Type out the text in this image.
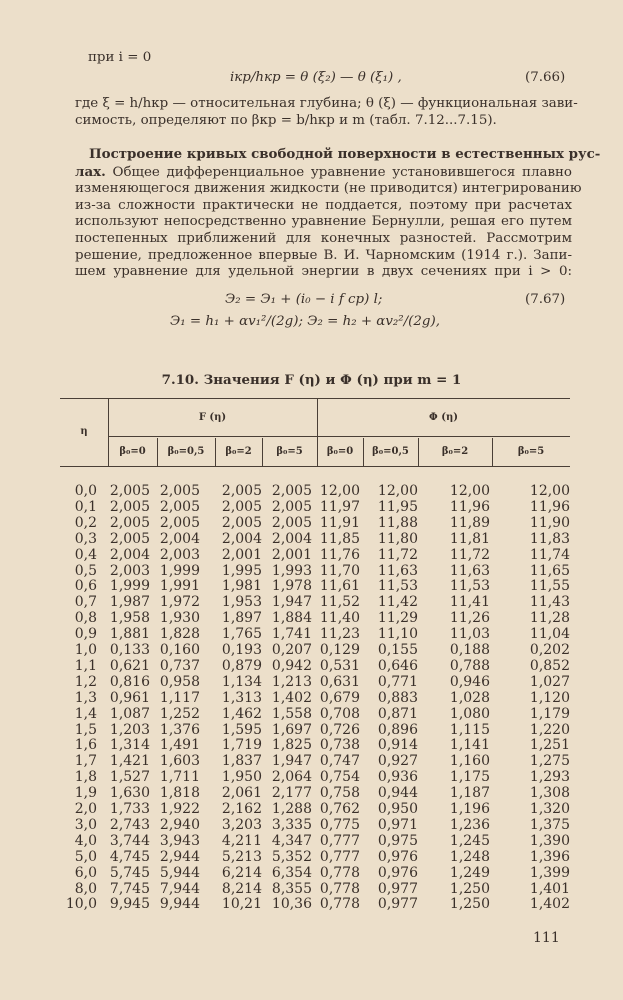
при i = 0
iкр/hкр = θ (ξ₂) — θ (ξ₁) ,	(7.66)
где ξ = h/hкр — относительная глубина; θ (ξ) — функциональная зави-
симость, определяют по βкр = b/hкр и m (табл. 7.12...7.15).
Построение кривых свободной поверхности в естественных рус-
лах. Общее дифференциальное уравнение установившегося плавно
изменяющегося движения жидкости (не приводится) интегрированию
из-за сложности практически не поддается, поэтому при расчетах
используют непосредственно уравнение Бернулли, решая его путем
постепенных приближений для конечных разностей. Рассмотрим
решение, предложенное впервые В. И. Чарномским (1914 г.). Запи-
шем уравнение для удельной энергии в двух сечениях при i > 0:
Э₂ = Э₁ + (i₀ − i f cp) l;	(7.67)
Э₁ = h₁ + αv₁²/(2g); Э₂ = h₂ + αv₂²/(2g),
7.10. Значения F (η) и Φ (η) при m = 1
η
F (η)	Φ (η)
β₀=0	β₀=0,5	β₀=2	β₀=5	β₀=0	β₀=0,5	β₀=2	β₀=5
0,0 2,005 2,005	2,005 2,005 12,00	12,00	12,00	12,00
0,1 2,005 2,005	2,005 2,005 11,97	11,95	11,96	11,96
0,2 2,005 2,005	2,005 2,005 11,91	11,88	11,89	11,90
0,3 2,005 2,004	2,004 2,004 11,85	11,80	11,81	11,83
0,4 2,004 2,003	2,001 2,001 11,76	11,72	11,72	11,74
0,5 2,003 1,999	1,995 1,993 11,70	11,63	11,63	11,65
0,6 1,999 1,991	1,981 1,978 11,61	11,53	11,53	11,55
0,7 1,987 1,972	1,953 1,947 11,52	11,42	11,41	11,43
0,8 1,958 1,930	1,897 1,884 11,40	11,29	11,26	11,28
0,9 1,881 1,828	1,765 1,741 11,23	11,10	11,03	11,04
1,0 0,133 0,160	0,193 0,207 0,129	0,155	0,188	0,202
1,1 0,621 0,737	0,879 0,942 0,531	0,646	0,788	0,852
1,2 0,816 0,958	1,134 1,213 0,631	0,771	0,946	1,027
1,3 0,961 1,117	1,313 1,402 0,679	0,883	1,028	1,120
1,4 1,087 1,252	1,462 1,558 0,708	0,871	1,080	1,179
1,5 1,203 1,376	1,595 1,697 0,726	0,896	1,115	1,220
1,6 1,314 1,491	1,719 1,825 0,738	0,914	1,141	1,251
1,7 1,421 1,603	1,837 1,947 0,747	0,927	1,160	1,275
1,8 1,527 1,711	1,950 2,064 0,754	0,936	1,175	1,293
1,9 1,630 1,818	2,061 2,177 0,758	0,944	1,187	1,308
2,0 1,733 1,922	2,162 1,288 0,762	0,950	1,196	1,320
3,0 2,743 2,940	3,203 3,335 0,775	0,971	1,236	1,375
4,0 3,744 3,943	4,211 4,347 0,777	0,975	1,245	1,390
5,0 4,745 2,944	5,213 5,352 0,777	0,976	1,248	1,396
6,0 5,745 5,944	6,214 6,354 0,778	0,976	1,249	1,399
8,0 7,745 7,944	8,214 8,355 0,778	0,977	1,250	1,401
10,0 9,945 9,944	10,21 10,36 0,778	0,977	1,250	1,402
111
